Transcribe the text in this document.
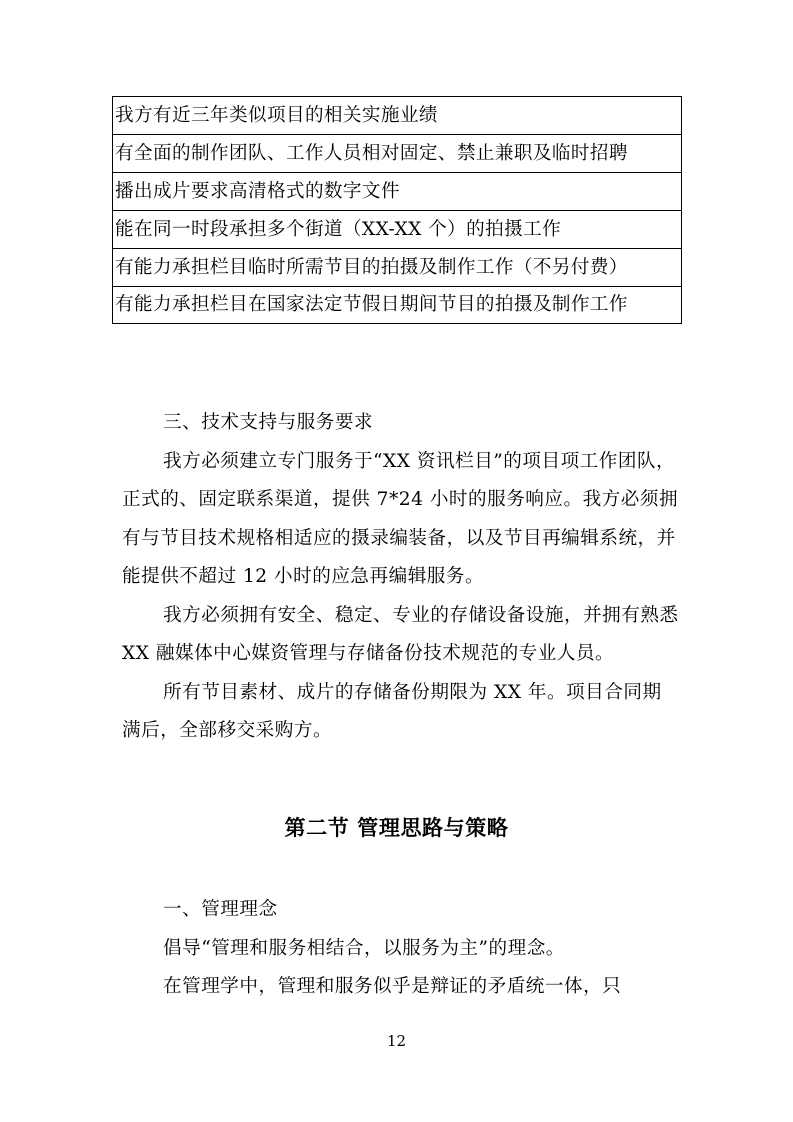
我方有近三年类似项目的相关实施业绩
有全面的制作团队、工作人员相对固定、禁止兼职及临时招聘
播出成片要求高清格式的数字文件
能在同一时段承担多个街道（XX-XX 个）的拍摄工作
有能力承担栏目临时所需节目的拍摄及制作工作（不另付费）
有能力承担栏目在国家法定节假日期间节目的拍摄及制作工作

三、技术支持与服务要求

我方必须建立专门服务于“XX 资讯栏目”的项目项工作团队，正式的、固定联系渠道，提供 7*24 小时的服务响应。我方必须拥有与节目技术规格相适应的摄录编装备，以及节目再编辑系统，并能提供不超过 12 小时的应急再编辑服务。

我方必须拥有安全、稳定、专业的存储设备设施，并拥有熟悉 XX 融媒体中心媒资管理与存储备份技术规范的专业人员。

所有节目素材、成片的存储备份期限为 XX 年。项目合同期满后，全部移交采购方。

第二节 管理思路与策略

一、管理理念

倡导“管理和服务相结合，以服务为主”的理念。

在管理学中，管理和服务似乎是辩证的矛盾统一体，只

12
